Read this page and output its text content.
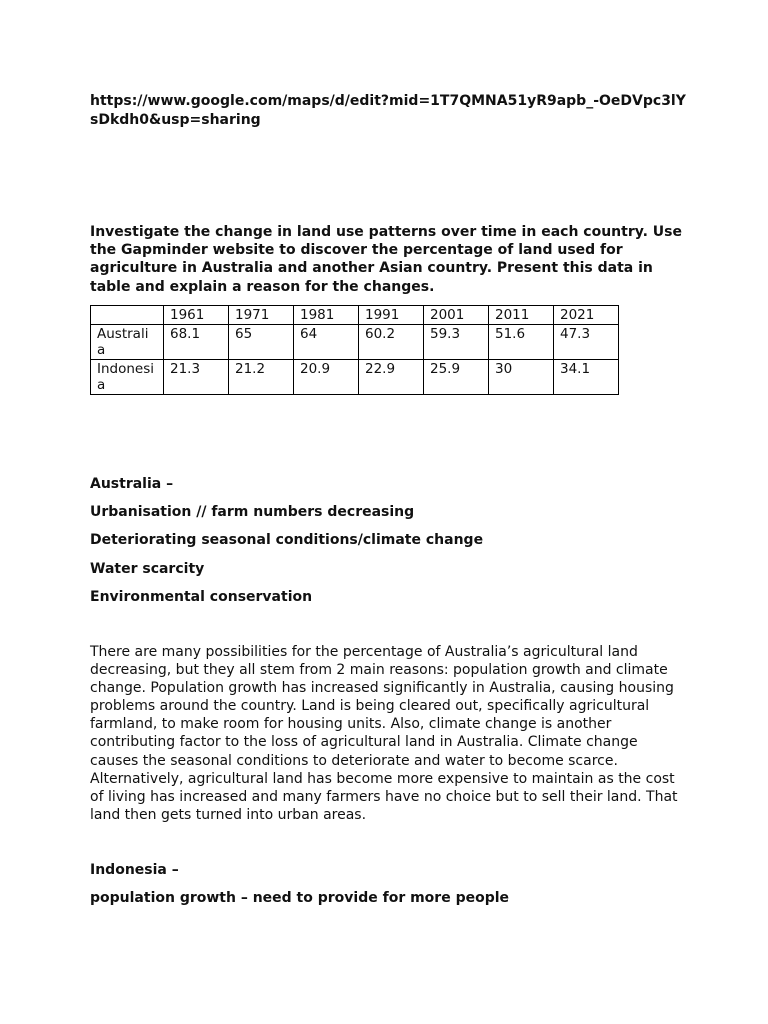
https://www.google.com/maps/d/edit?mid=1T7QMNA51yR9apb_-OeDVpc3lYsDkdh0&usp=sharing
Investigate the change in land use patterns over time in each country. Use the Gapminder website to discover the percentage of land used for agriculture in Australia and another Asian country. Present this data in table and explain a reason for the changes.
	1961	1971	1981	1991	2001	2011	2021
Australi a	68.1	65	64	60.2	59.3	51.6	47.3
Indonesi a	21.3	21.2	20.9	22.9	25.9	30	34.1
Australia –
Urbanisation // farm numbers decreasing
Deteriorating seasonal conditions/climate change
Water scarcity
Environmental conservation
There are many possibilities for the percentage of Australia’s agricultural land decreasing, but they all stem from 2 main reasons: population growth and climate change. Population growth has increased significantly in Australia, causing housing problems around the country. Land is being cleared out, specifically agricultural farmland, to make room for housing units. Also, climate change is another contributing factor to the loss of agricultural land in Australia. Climate change causes the seasonal conditions to deteriorate and water to become scarce. Alternatively, agricultural land has become more expensive to maintain as the cost of living has increased and many farmers have no choice but to sell their land. That land then gets turned into urban areas.
Indonesia –
population growth – need to provide for more people
